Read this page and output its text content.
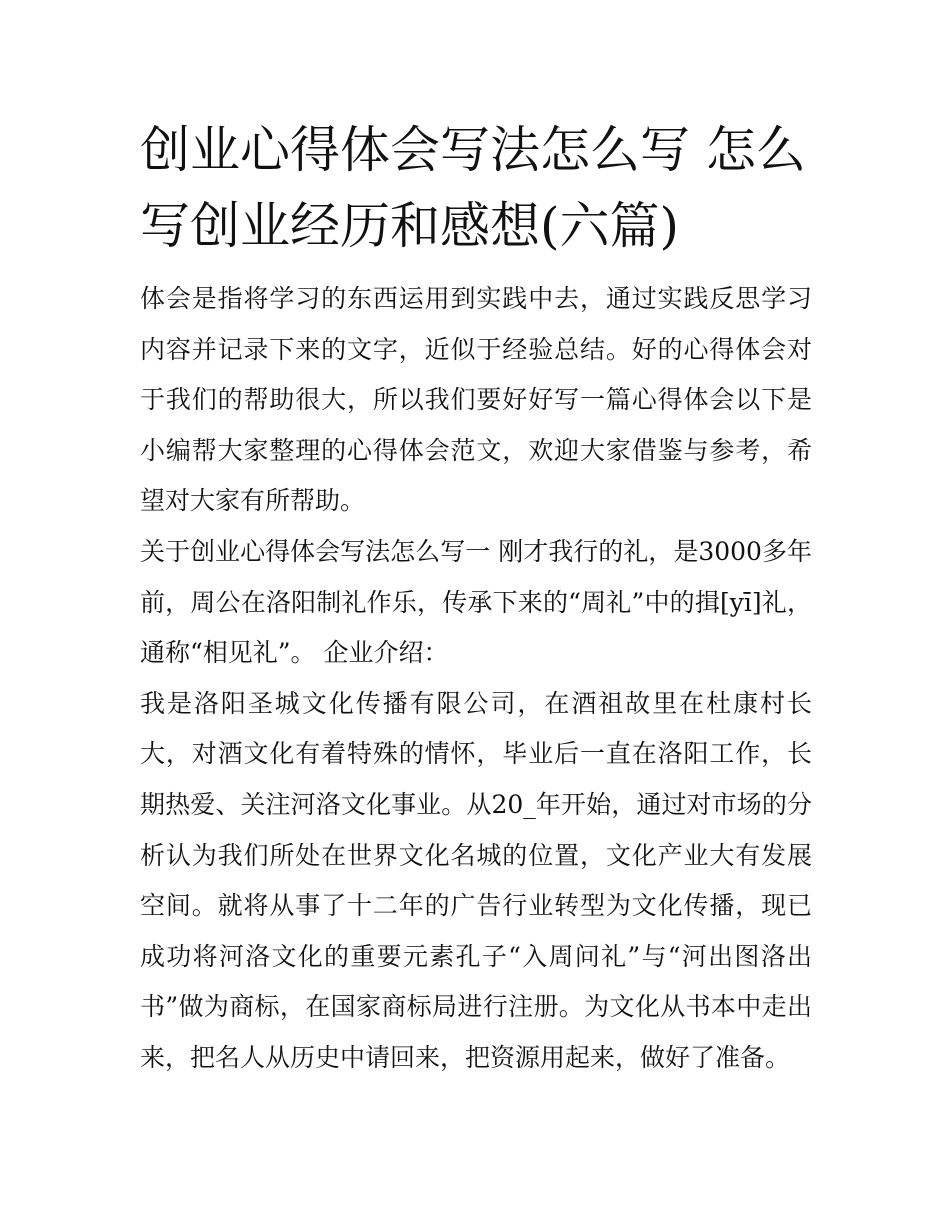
创业心得体会写法怎么写 怎么写创业经历和感想(六篇)

体会是指将学习的东西运用到实践中去，通过实践反思学习内容并记录下来的文字，近似于经验总结。好的心得体会对于我们的帮助很大，所以我们要好好写一篇心得体会以下是小编帮大家整理的心得体会范文，欢迎大家借鉴与参考，希望对大家有所帮助。

关于创业心得体会写法怎么写一 刚才我行的礼，是3000多年前，周公在洛阳制礼作乐，传承下来的“周礼”中的揖[yī]礼，通称“相见礼”。 企业介绍：

我是洛阳圣城文化传播有限公司，在酒祖故里在杜康村长大，对酒文化有着特殊的情怀，毕业后一直在洛阳工作，长期热爱、关注河洛文化事业。从20_年开始，通过对市场的分析认为我们所处在世界文化名城的位置，文化产业大有发展空间。就将从事了十二年的广告行业转型为文化传播，现已成功将河洛文化的重要元素孔子“入周问礼”与“河出图洛出书”做为商标，在国家商标局进行注册。为文化从书本中走出来，把名人从历史中请回来，把资源用起来，做好了准备。
